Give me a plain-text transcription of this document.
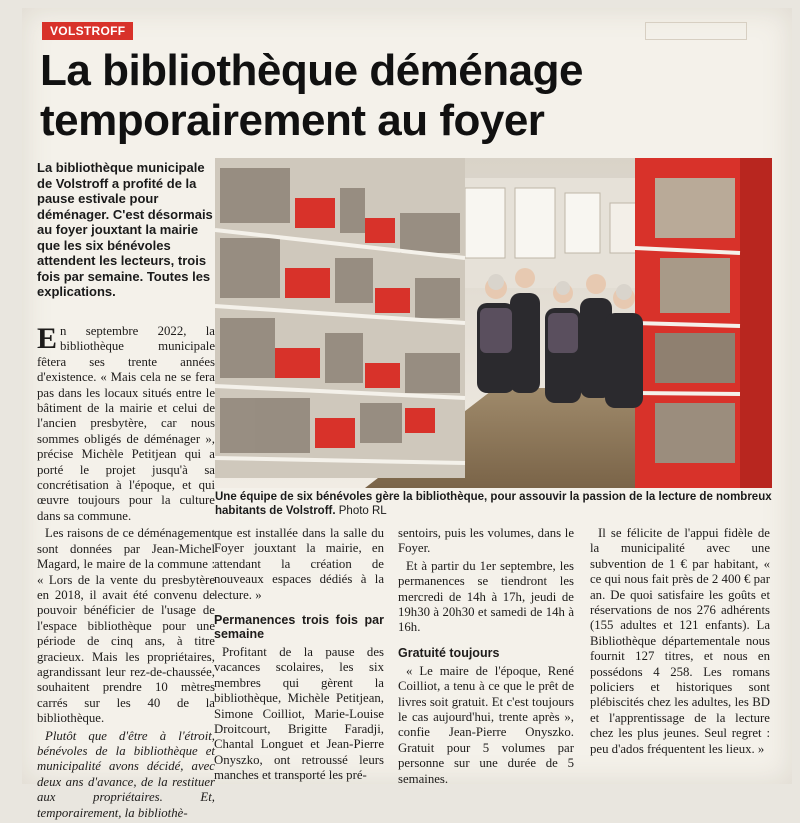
VOLSTROFF
La bibliothèque déménage
temporairement au foyer
La bibliothèque municipale de Volstroff a profité de la pause estivale pour déménager. C'est désormais au foyer jouxtant la mairie que les six bénévoles attendent les lecteurs, trois fois par semaine. Toutes les explications.
Une équipe de six bénévoles gère la bibliothèque, pour assouvir la passion de la lecture de nombreux habitants de Volstroff. Photo RL

En septembre 2022, la bibliothèque municipale fêtera ses trente années d'existence. « Mais cela ne se fera pas dans les locaux situés entre le bâtiment de la mairie et celui de l'ancien presbytère, car nous sommes obligés de déménager », précise Michèle Petitjean qui a porté le projet jusqu'à sa concrétisation à l'époque, et qui œuvre toujours pour la culture dans sa commune.

Les raisons de ce déménagement sont données par Jean-Michel Magard, le maire de la commune : « Lors de la vente du presbytère en 2018, il avait été convenu de pouvoir bénéficier de l'usage de l'espace bibliothèque pour une période de cinq ans, à titre gracieux. Mais les propriétaires, agrandissant leur rez-de-chaussée, souhaitent prendre 10 mètres carrés sur les 40 de la bibliothèque.

Plutôt que d'être à l'étroit, bénévoles de la bibliothèque et municipalité avons décidé, avec deux ans d'avance, de la restituer aux propriétaires. Et, temporairement, la bibliothè-

que est installée dans la salle du Foyer jouxtant la mairie, en attendant la création de nouveaux espaces dédiés à la lecture. »

Permanences trois fois par semaine

Profitant de la pause des vacances scolaires, les six membres qui gèrent la bibliothèque, Michèle Petitjean, Simone Coilliot, Marie-Louise Droitcourt, Brigitte Faradji, Chantal Longuet et Jean-Pierre Onyszko, ont retroussé leurs manches et transporté les pré-

sentoirs, puis les volumes, dans le Foyer.

Et à partir du 1er septembre, les permanences se tiendront les mercredi de 14h à 17h, jeudi de 19h30 à 20h30 et samedi de 14h à 16h.

Gratuité toujours

« Le maire de l'époque, René Coilliot, a tenu à ce que le prêt de livres soit gratuit. Et c'est toujours le cas aujourd'hui, trente après », confie Jean-Pierre Onyszko. Gratuit pour 5 volumes par personne sur une durée de 5 semaines.

Il se félicite de l'appui fidèle de la municipalité avec une subvention de 1 € par habitant, « ce qui nous fait près de 2 400 € par an. De quoi satisfaire les goûts et réservations de nos 276 adhérents (155 adultes et 121 enfants). La Bibliothèque départementale nous fournit 127 titres, et nous en possédons 4 258. Les romans policiers et historiques sont plébiscités chez les adultes, les BD et l'apprentissage de la lecture chez les plus jeunes. Seul regret : peu d'ados fréquentent les lieux. »
